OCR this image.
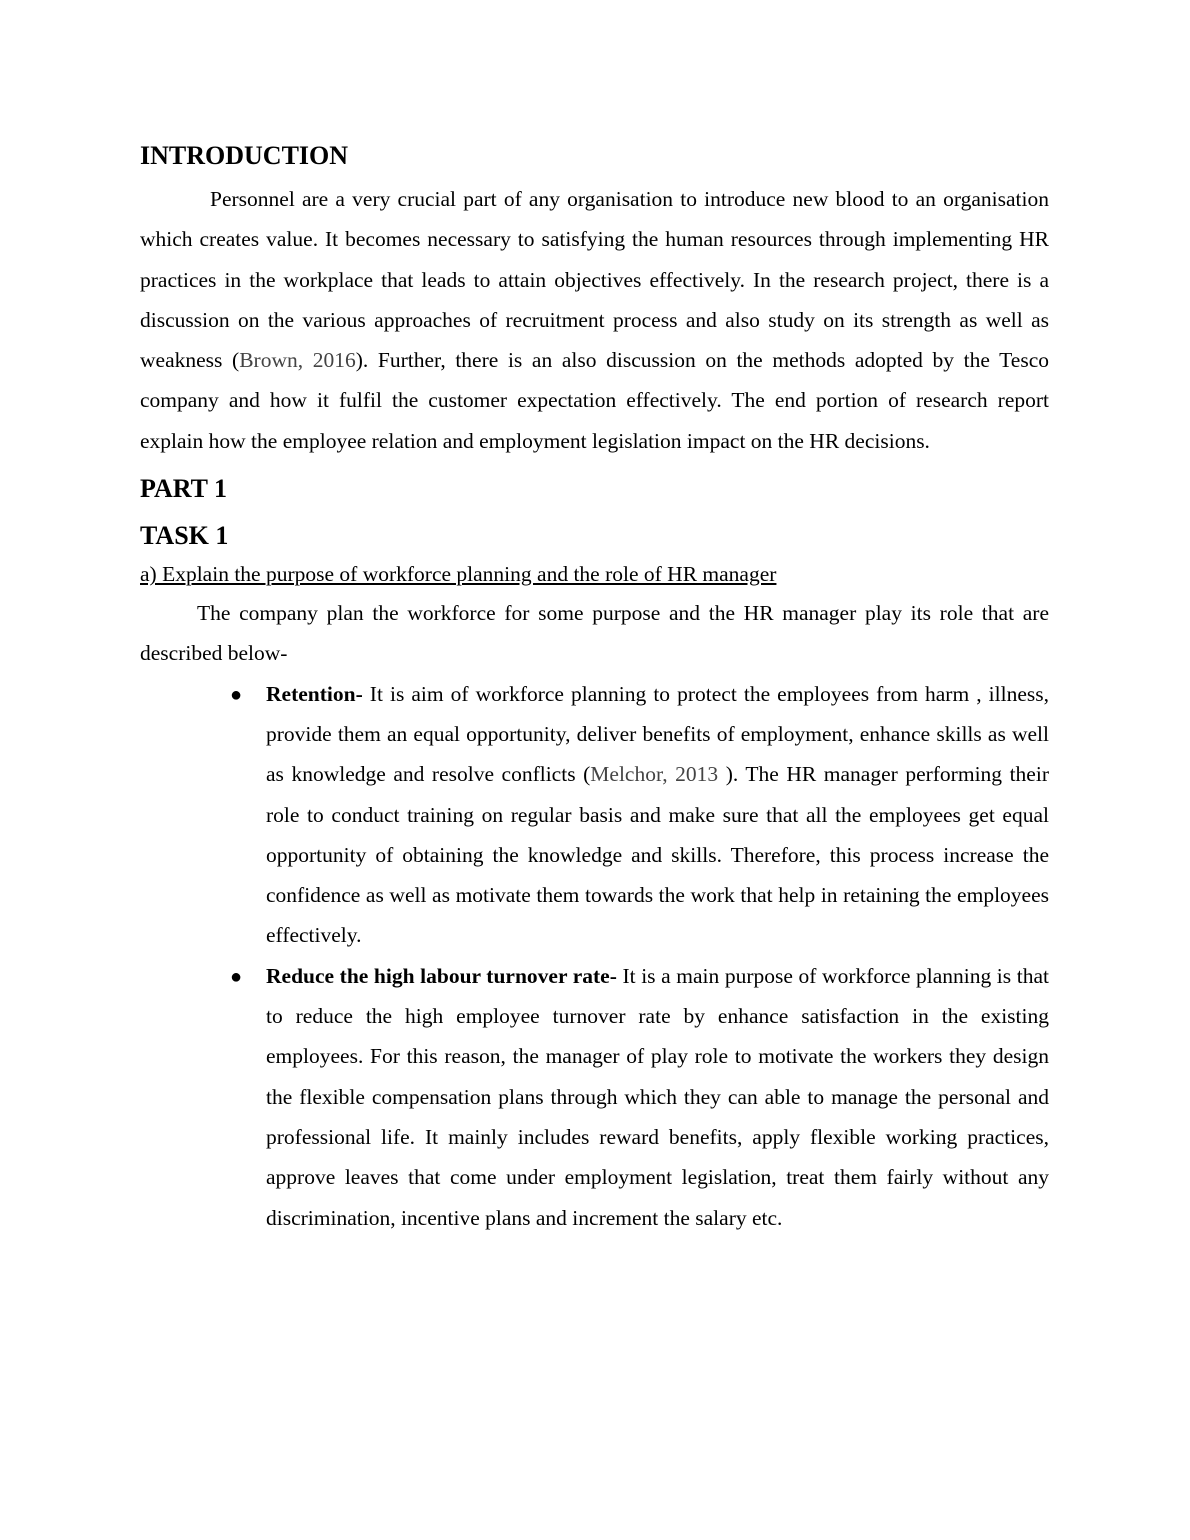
INTRODUCTION

Personnel are a very crucial part of any organisation to introduce new blood to an organisation which creates value. It becomes necessary to satisfying the human resources through implementing HR practices in the workplace that leads to attain objectives effectively. In the research project, there is a discussion on the various approaches of recruitment process and also study on its strength as well as weakness (Brown, 2016). Further, there is an also discussion on the methods adopted by the Tesco company and how it fulfil the customer expectation effectively. The end portion of research report explain how the employee relation and employment legislation impact on the HR decisions.

PART 1
TASK 1

a) Explain the purpose of workforce planning and the role of HR manager

The company plan the workforce for some purpose and the HR manager play its role that are described below-

● Retention- It is aim of workforce planning to protect the employees from harm , illness, provide them an equal opportunity, deliver benefits of employment, enhance skills as well as knowledge and resolve conflicts (Melchor, 2013 ). The HR manager performing their role to conduct training on regular basis and make sure that all the employees get equal opportunity of obtaining the knowledge and skills. Therefore, this process increase the confidence as well as motivate them towards the work that help in retaining the employees effectively.
● Reduce the high labour turnover rate- It is a main purpose of workforce planning is that to reduce the high employee turnover rate by enhance satisfaction in the existing employees. For this reason, the manager of play role to motivate the workers they design the flexible compensation plans through which they can able to manage the personal and professional life. It mainly includes reward benefits, apply flexible working practices, approve leaves that come under employment legislation, treat them fairly without any discrimination, incentive plans and increment the salary etc.
